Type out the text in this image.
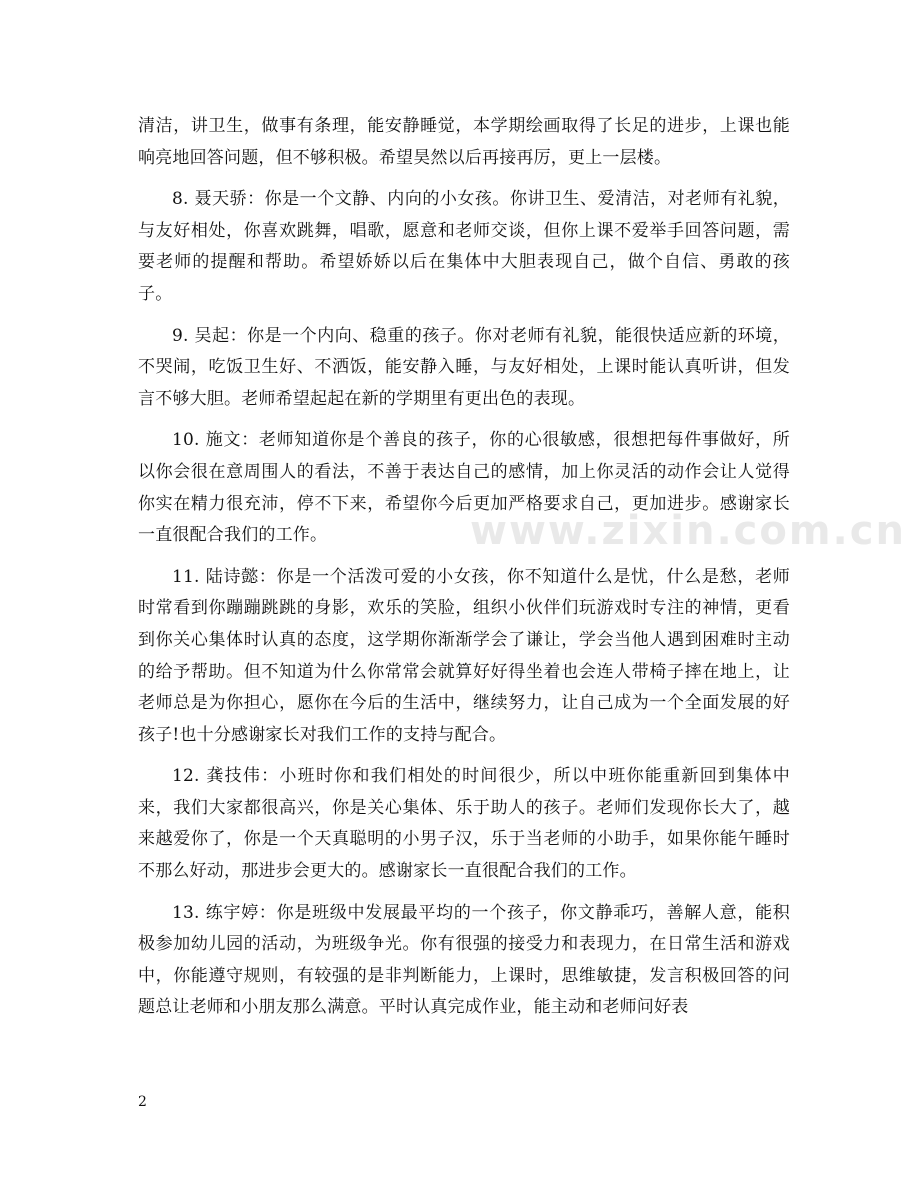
www.zixin.com.cn

清洁，讲卫生，做事有条理，能安静睡觉，本学期绘画取得了长足的进步，上课也能响亮地回答问题，但不够积极。希望昊然以后再接再厉，更上一层楼。

8. 聂天骄：你是一个文静、内向的小女孩。你讲卫生、爱清洁，对老师有礼貌，与友好相处，你喜欢跳舞，唱歌，愿意和老师交谈，但你上课不爱举手回答问题，需要老师的提醒和帮助。希望娇娇以后在集体中大胆表现自己，做个自信、勇敢的孩子。

9. 吴起：你是一个内向、稳重的孩子。你对老师有礼貌，能很快适应新的环境，不哭闹，吃饭卫生好、不洒饭，能安静入睡，与友好相处，上课时能认真听讲，但发言不够大胆。老师希望起起在新的学期里有更出色的表现。

10. 施文：老师知道你是个善良的孩子，你的心很敏感，很想把每件事做好，所以你会很在意周围人的看法，不善于表达自己的感情，加上你灵活的动作会让人觉得你实在精力很充沛，停不下来，希望你今后更加严格要求自己，更加进步。感谢家长一直很配合我们的工作。

11. 陆诗懿：你是一个活泼可爱的小女孩，你不知道什么是忧，什么是愁，老师时常看到你蹦蹦跳跳的身影，欢乐的笑脸，组织小伙伴们玩游戏时专注的神情，更看到你关心集体时认真的态度，这学期你渐渐学会了谦让，学会当他人遇到困难时主动的给予帮助。但不知道为什么你常常会就算好好得坐着也会连人带椅子摔在地上，让老师总是为你担心，愿你在今后的生活中，继续努力，让自己成为一个全面发展的好孩子!也十分感谢家长对我们工作的支持与配合。

12. 龚技伟：小班时你和我们相处的时间很少，所以中班你能重新回到集体中来，我们大家都很高兴，你是关心集体、乐于助人的孩子。老师们发现你长大了，越来越爱你了，你是一个天真聪明的小男子汉，乐于当老师的小助手，如果你能午睡时不那么好动，那进步会更大的。感谢家长一直很配合我们的工作。

13. 练宇婷：你是班级中发展最平均的一个孩子，你文静乖巧，善解人意，能积极参加幼儿园的活动，为班级争光。你有很强的接受力和表现力，在日常生活和游戏中，你能遵守规则，有较强的是非判断能力，上课时，思维敏捷，发言积极回答的问题总让老师和小朋友那么满意。平时认真完成作业，能主动和老师问好表

2
